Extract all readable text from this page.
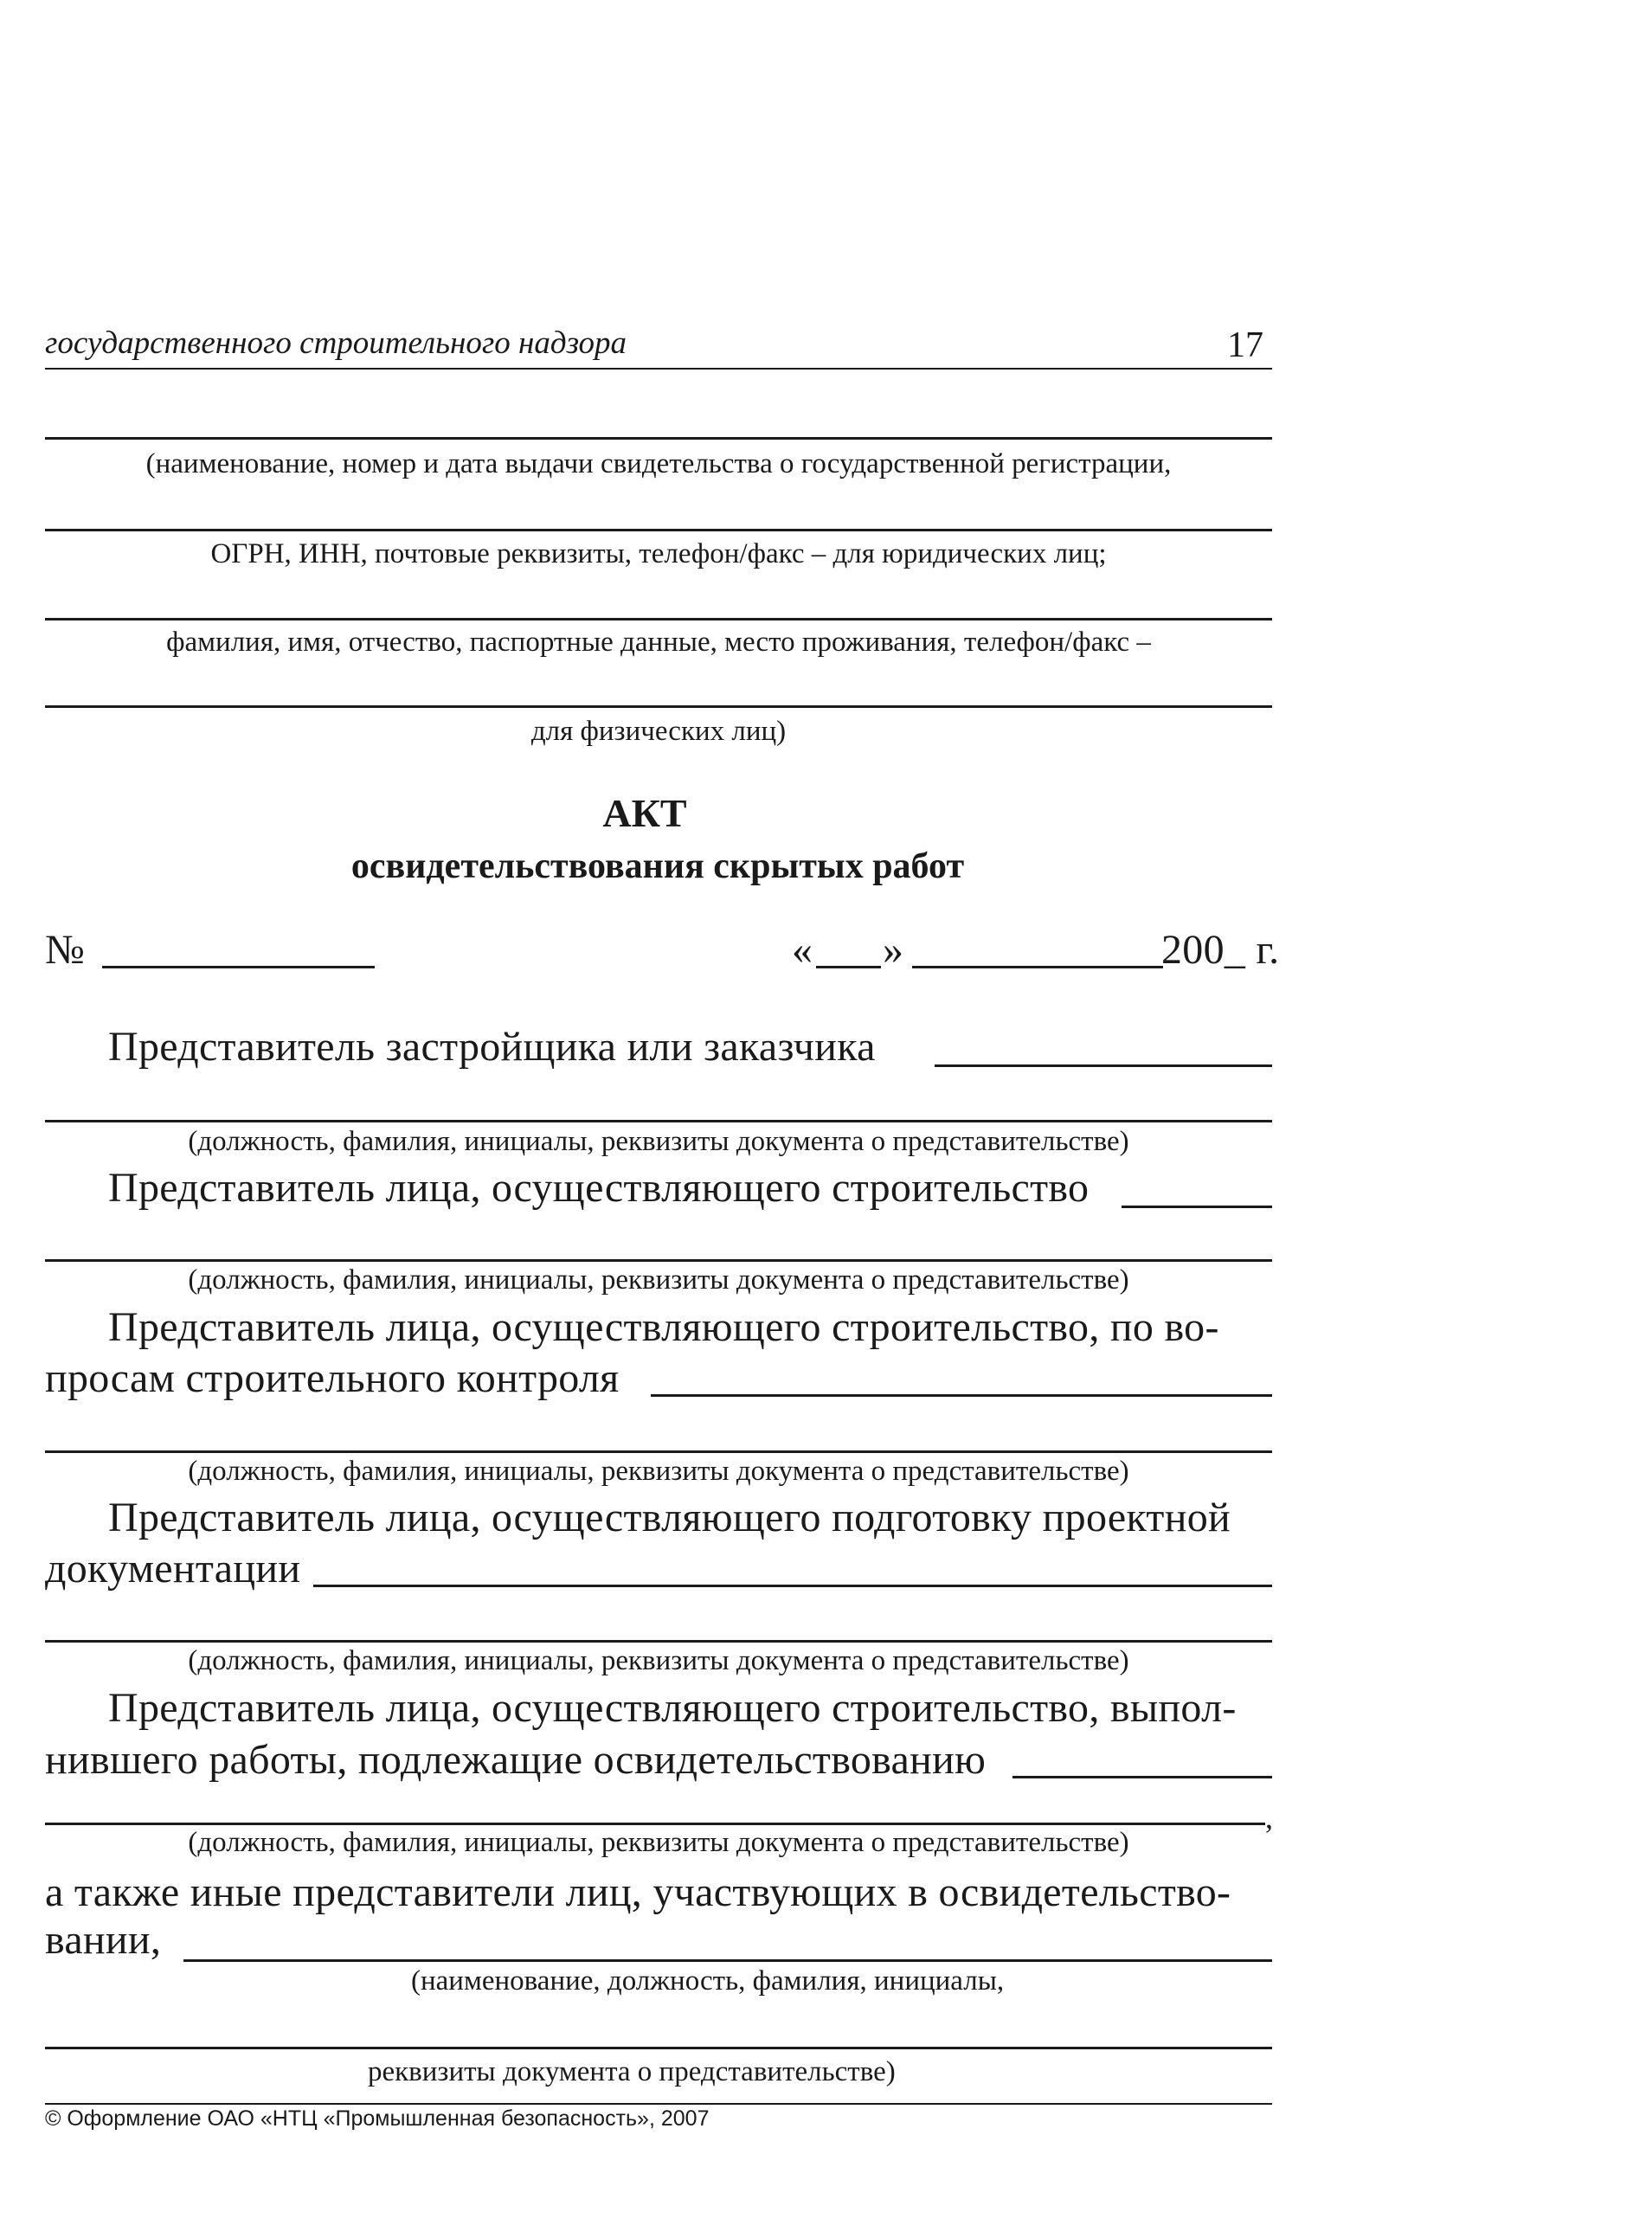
государственного строительного надзора	17
(наименование, номер и дата выдачи свидетельства о государственной регистрации,
ОГРН, ИНН, почтовые реквизиты, телефон/факс – для юридических лиц;
фамилия, имя, отчество, паспортные данные, место проживания, телефон/факс –
для физических лиц)
АКТ
освидетельствования скрытых работ
№	« »	200_ г.
Представитель застройщика или заказчика
(должность, фамилия, инициалы, реквизиты документа о представительстве)
Представитель лица, осуществляющего строительство
(должность, фамилия, инициалы, реквизиты документа о представительстве)
Представитель лица, осуществляющего строительство, по во-
просам строительного контроля
(должность, фамилия, инициалы, реквизиты документа о представительстве)
Представитель лица, осуществляющего подготовку проектной
документации
(должность, фамилия, инициалы, реквизиты документа о представительстве)
Представитель лица, осуществляющего строительство, выпол-
нившего работы, подлежащие освидетельствованию
,
(должность, фамилия, инициалы, реквизиты документа о представительстве)
а также иные представители лиц, участвующих в освидетельство-
вании,
(наименование, должность, фамилия, инициалы,
реквизиты документа о представительстве)
© Оформление ОАО «НТЦ «Промышленная безопасность», 2007
